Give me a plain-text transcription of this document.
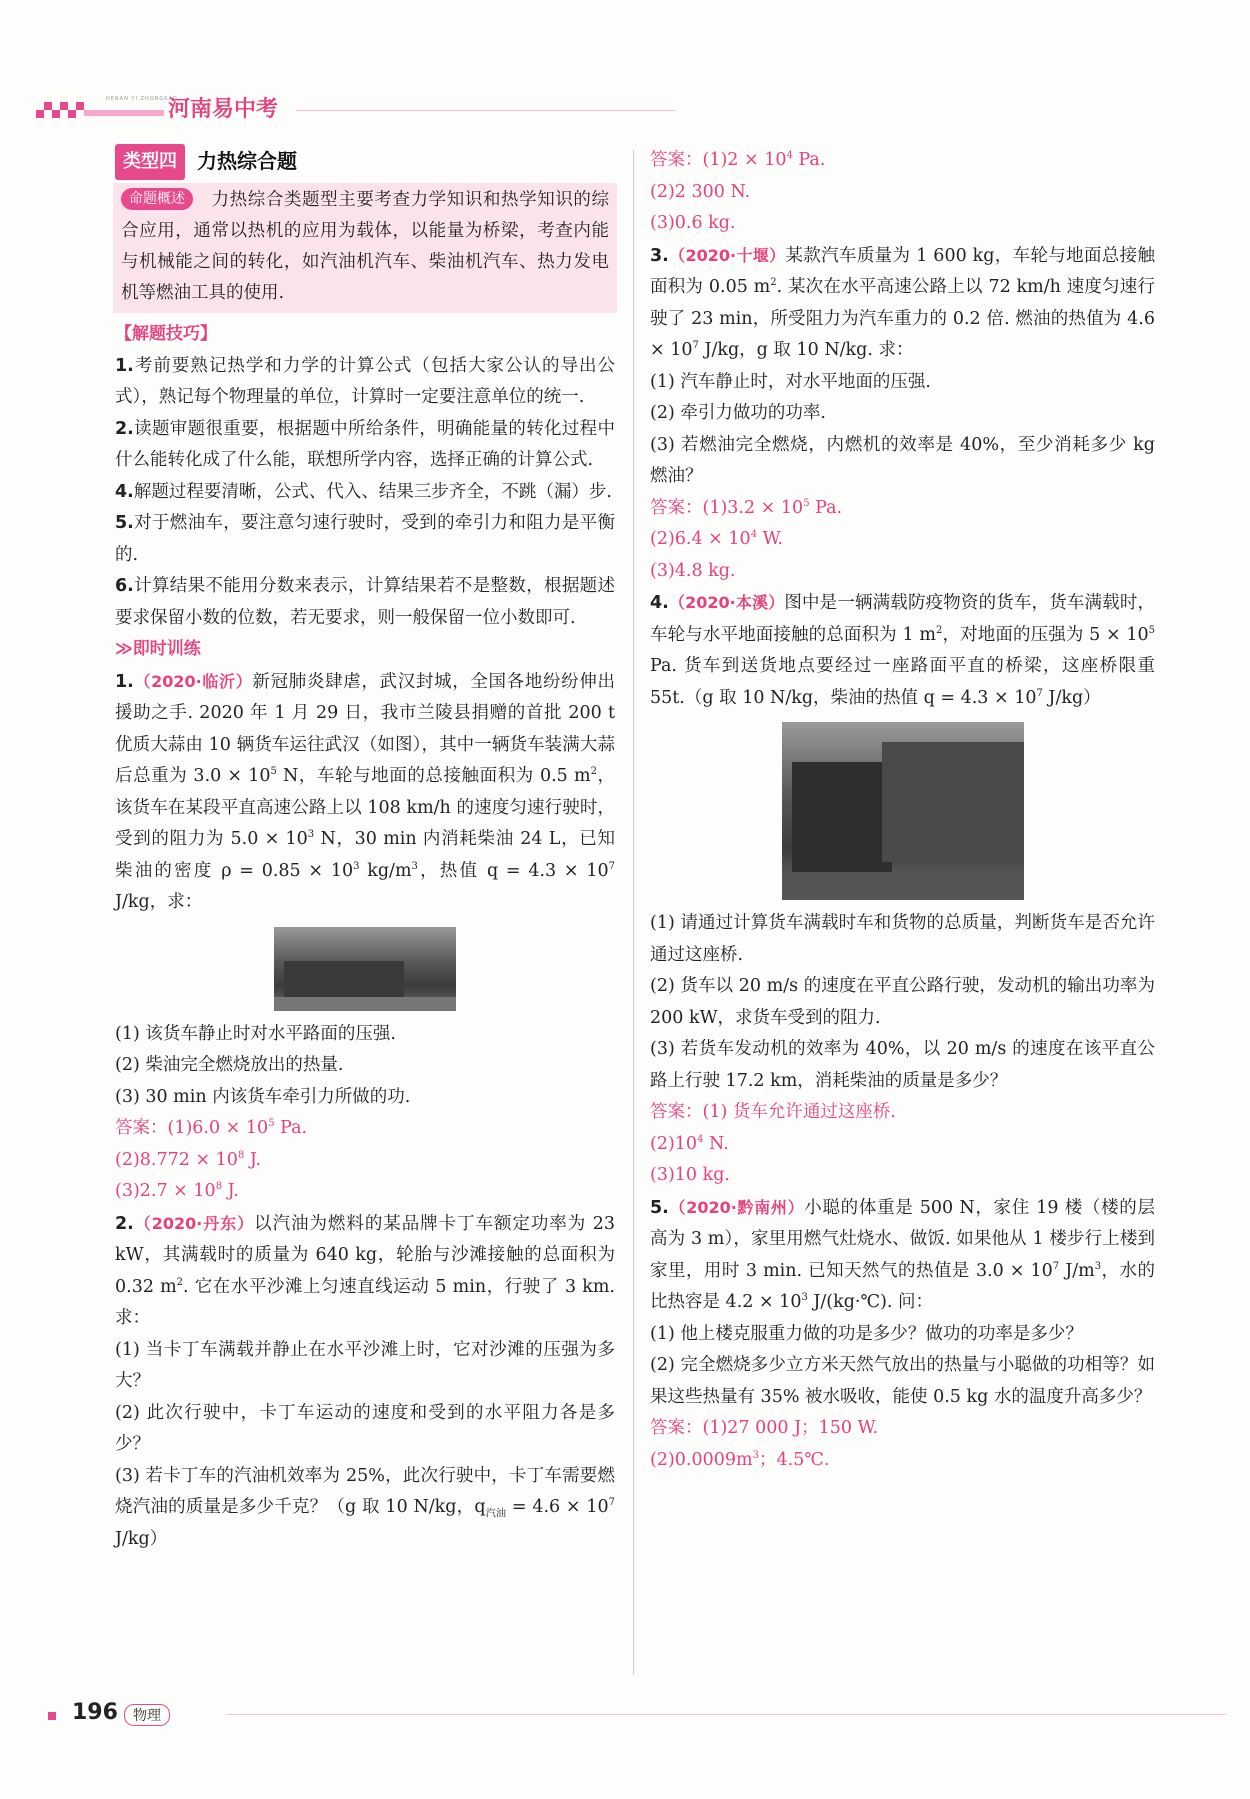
HENAN YI ZHONGKAO
河南易中考
类型四	力热综合题
命题概述 力热综合类题型主要考查力学知识和热学知识的综合应用，通常以热机的应用为载体，以能量为桥梁，考查内能与机械能之间的转化，如汽油机汽车、柴油机汽车、热力发电机等燃油工具的使用.
【解题技巧】

1.考前要熟记热学和力学的计算公式（包括大家公认的导出公式），熟记每个物理量的单位，计算时一定要注意单位的统一.

2.读题审题很重要，根据题中所给条件，明确能量的转化过程中什么能转化成了什么能，联想所学内容，选择正确的计算公式.

4.解题过程要清晰，公式、代入、结果三步齐全，不跳（漏）步.

5.对于燃油车，要注意匀速行驶时，受到的牵引力和阻力是平衡的.

6.计算结果不能用分数来表示，计算结果若不是整数，根据题述要求保留小数的位数，若无要求，则一般保留一位小数即可.

≫即时训练

1.（2020·临沂）新冠肺炎肆虐，武汉封城，全国各地纷纷伸出援助之手. 2020 年 1 月 29 日，我市兰陵县捐赠的首批 200 t 优质大蒜由 10 辆货车运往武汉（如图），其中一辆货车装满大蒜后总重为 $3.0 \times 10^5$ N，车轮与地面的总接触面积为 0.5 $m^2$，该货车在某段平直高速公路上以 108 km/h 的速度匀速行驶时，受到的阻力为 $5.0 \times 10^3$ N，30 min 内消耗柴油 24 L，已知柴油的密度 $\rho = 0.85 \times 10^3$ $kg/m^3$，热值 $q = 4.3 \times 10^7$ J/kg，求：

(1) 该货车静止时对水平路面的压强.

(2) 柴油完全燃烧放出的热量.

(3) 30 min 内该货车牵引力所做的功.

答案：$(1)6.0 \times 10^5$ Pa.

$(2)8.772 \times 10^8$ J.

$(3)2.7 \times 10^8$ J.

2.（2020·丹东）以汽油为燃料的某品牌卡丁车额定功率为 23 kW，其满载时的质量为 640 kg，轮胎与沙滩接触的总面积为 0.32 $m^2$. 它在水平沙滩上匀速直线运动 5 min，行驶了 3 km. 求：

(1) 当卡丁车满载并静止在水平沙滩上时，它对沙滩的压强为多大？

(2) 此次行驶中，卡丁车运动的速度和受到的水平阻力各是多少？

(3) 若卡丁车的汽油机效率为 25%，此次行驶中，卡丁车需要燃烧汽油的质量是多少千克？（g 取 10 N/kg，$q_{汽油} = 4.6 \times 10^7$ J/kg）

答案：$(1)2 \times 10^4$ Pa.

(2)2 300 N.

(3)0.6 kg.

3.（2020·十堰）某款汽车质量为 1 600 kg，车轮与地面总接触面积为 0.05 $m^2$. 某次在水平高速公路上以 72 km/h 速度匀速行驶了 23 min，所受阻力为汽车重力的 0.2 倍. 燃油的热值为 $4.6 \times 10^7$ J/kg，g 取 10 N/kg. 求：

(1) 汽车静止时，对水平地面的压强.

(2) 牵引力做功的功率.

(3) 若燃油完全燃烧，内燃机的效率是 40%，至少消耗多少 kg 燃油？

答案：$(1)3.2 \times 10^5$ Pa.

$(2)6.4 \times 10^4$ W.

(3)4.8 kg.

4.（2020·本溪）图中是一辆满载防疫物资的货车，货车满载时，车轮与水平地面接触的总面积为 1 $m^2$，对地面的压强为 $5 \times 10^5$ Pa. 货车到送货地点要经过一座路面平直的桥梁，这座桥限重 55t.（g 取 10 N/kg，柴油的热值 $q = 4.3 \times 10^7$ J/kg）

(1) 请通过计算货车满载时车和货物的总质量，判断货车是否允许通过这座桥.

(2) 货车以 20 m/s 的速度在平直公路行驶，发动机的输出功率为 200 kW，求货车受到的阻力.

(3) 若货车发动机的效率为 40%，以 20 m/s 的速度在该平直公路上行驶 17.2 km，消耗柴油的质量是多少？

答案：(1) 货车允许通过这座桥.

$(2)10^4$ N.

(3)10 kg.

5.（2020·黔南州）小聪的体重是 500 N，家住 19 楼（楼的层高为 3 m），家里用燃气灶烧水、做饭. 如果他从 1 楼步行上楼到家里，用时 3 min. 已知天然气的热值是 $3.0 \times 10^7$ $J/m^3$，水的比热容是 $4.2 \times 10^3$ J/(kg·℃). 问：

(1) 他上楼克服重力做的功是多少？做功的功率是多少？

(2) 完全燃烧多少立方米天然气放出的热量与小聪做的功相等？如果这些热量有 35% 被水吸收，能使 0.5 kg 水的温度升高多少？

答案：(1)27 000 J；150 W.

$(2)0.0009m^3$；4.5℃.

196	物理
